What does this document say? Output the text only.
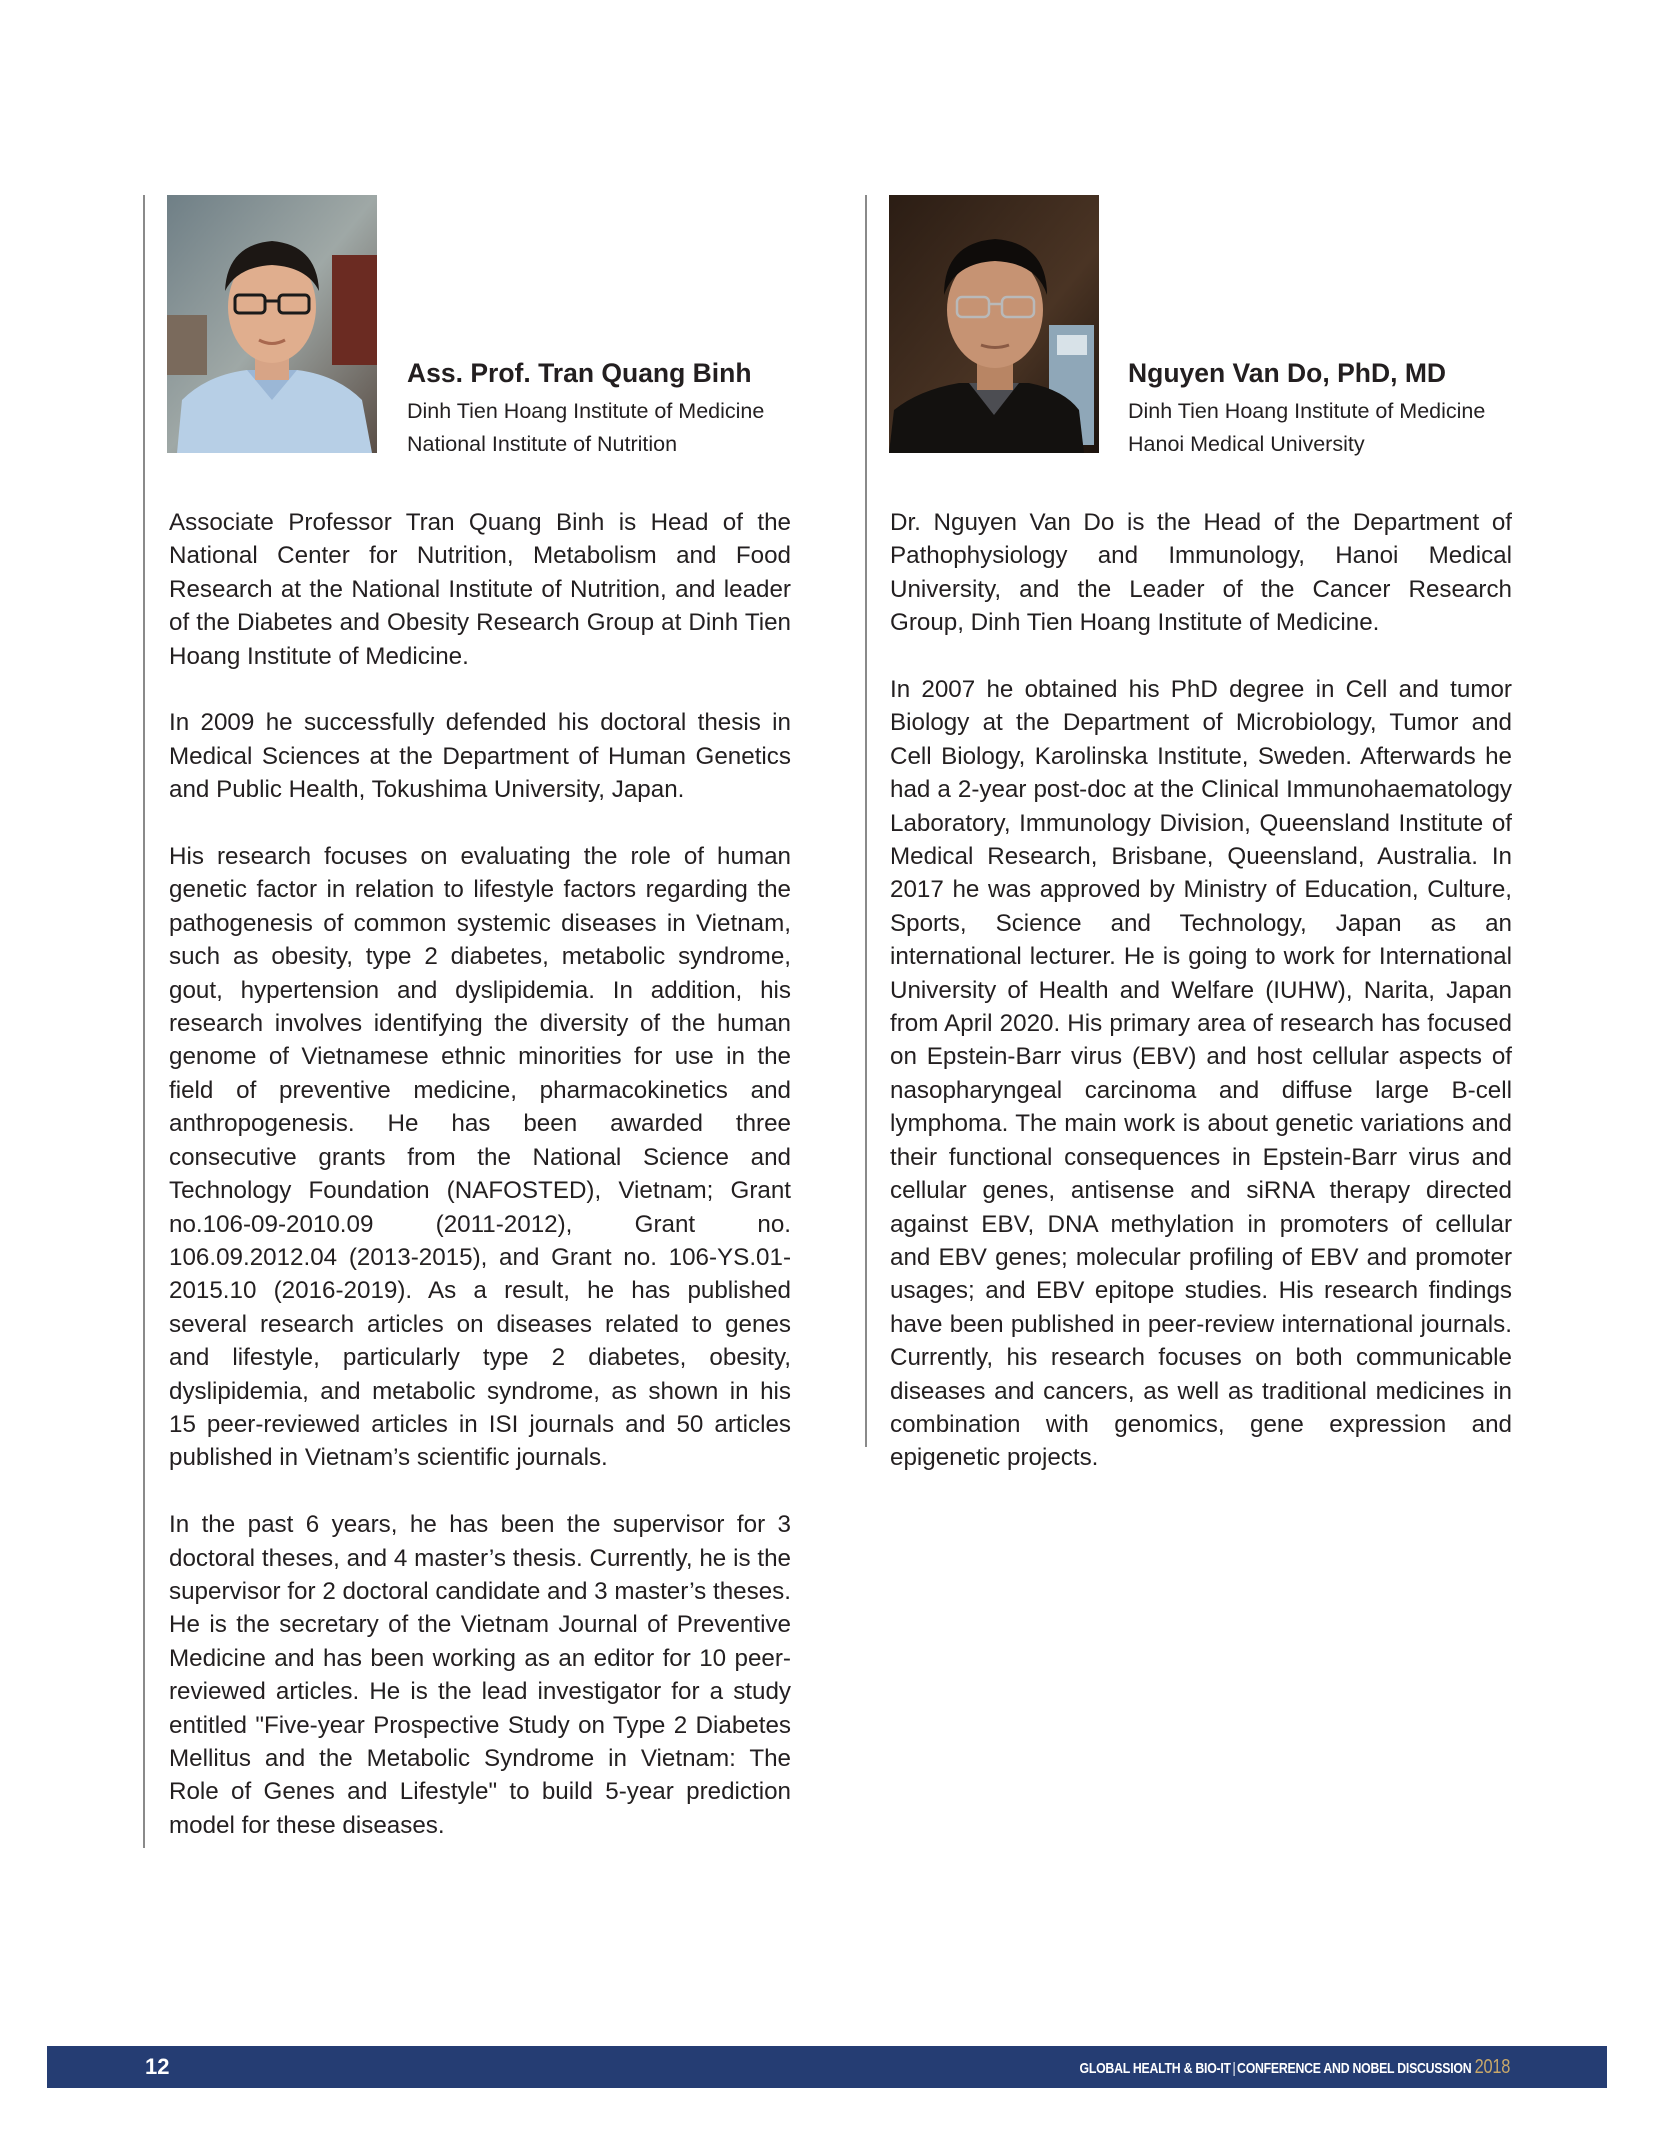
Ass. Prof. Tran Quang Binh
Dinh Tien Hoang Institute of Medicine
National Institute of Nutrition

Associate Professor Tran Quang Binh is Head of the National Center for Nutrition, Metabolism and Food Research at the National Institute of Nutrition, and leader of the Diabetes and Obesity Research Group at Dinh Tien Hoang Institute of Medicine.

In 2009 he successfully defended his doctoral thesis in Medical Sciences at the Department of Human Genetics and Public Health, Tokushima University, Japan.

His research focuses on evaluating the role of human genetic factor in relation to lifestyle factors regarding the pathogenesis of common systemic diseases in Vietnam, such as obesity, type 2 diabetes, metabolic syndrome, gout, hypertension and dyslipidemia. In addition, his research involves identifying the diversity of the human genome of Vietnamese ethnic minorities for use in the field of preventive medicine, pharmacokinetics and anthropogenesis. He has been awarded three consecutive grants from the National Science and Technology Foundation (NAFOSTED), Vietnam; Grant no.106-09-2010.09 (2011-2012), Grant no. 106.09.2012.04 (2013-2015), and Grant no. 106-YS.01-2015.10 (2016-2019). As a result, he has published several research articles on diseases related to genes and lifestyle, particularly type 2 diabetes, obesity, dyslipidemia, and metabolic syndrome, as shown in his 15 peer-reviewed articles in ISI journals and 50 articles published in Vietnam’s scientific journals.

In the past 6 years, he has been the supervisor for 3 doctoral theses, and 4 master’s thesis. Currently, he is the supervisor for 2 doctoral candidate and 3 master’s theses. He is the secretary of the Vietnam Journal of Preventive Medicine and has been working as an editor for 10 peer-reviewed articles. He is the lead investigator for a study entitled "Five-year Prospective Study on Type 2 Diabetes Mellitus and the Metabolic Syndrome in Vietnam: The Role of Genes and Lifestyle" to build 5-year prediction model for these diseases.

Nguyen Van Do, PhD, MD
Dinh Tien Hoang Institute of Medicine
Hanoi Medical University

Dr. Nguyen Van Do is the Head of the Department of Pathophysiology and Immunology, Hanoi Medical University, and the Leader of the Cancer Research Group, Dinh Tien Hoang Institute of Medicine.

In 2007 he obtained his PhD degree in Cell and tumor Biology at the Department of Microbiology, Tumor and Cell Biology, Karolinska Institute, Sweden. Afterwards he had a 2-year post-doc at the Clinical Immunohaematology Laboratory, Immunology Division, Queensland Institute of Medical Research, Brisbane, Queensland, Australia. In 2017 he was approved by Ministry of Education, Culture, Sports, Science and Technology, Japan as an international lecturer. He is going to work for International University of Health and Welfare (IUHW), Narita, Japan from April 2020. His primary area of research has focused on Epstein-Barr virus (EBV) and host cellular aspects of nasopharyngeal carcinoma and diffuse large B-cell lymphoma. The main work is about genetic variations and their functional consequences in Epstein-Barr virus and cellular genes, antisense and siRNA therapy directed against EBV, DNA methylation in promoters of cellular and EBV genes; molecular profiling of EBV and promoter usages; and EBV epitope studies. His research findings have been published in peer-review international journals. Currently, his research focuses on both communicable diseases and cancers, as well as traditional medicines in combination with genomics, gene expression and epigenetic projects.

12	GLOBAL HEALTH & BIO-IT | CONFERENCE AND NOBEL DISCUSSION 2018
